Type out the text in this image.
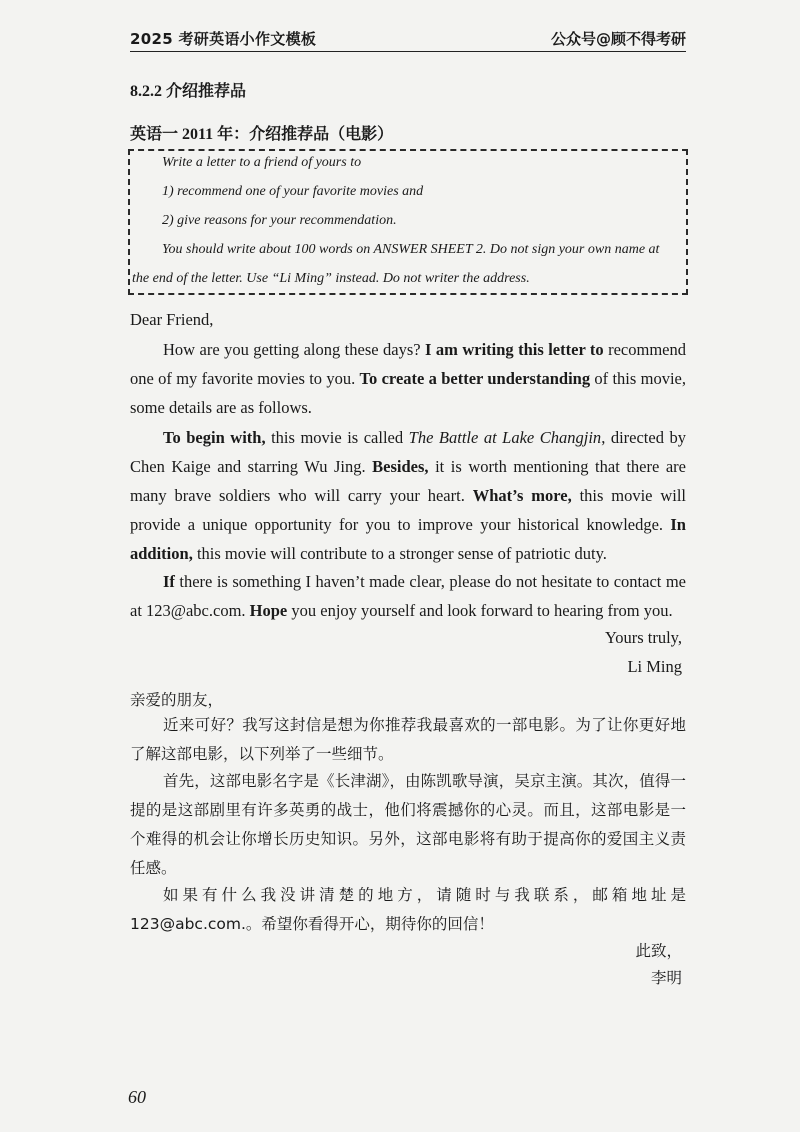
2025 考研英语小作文模板	公众号@顾不得考研
8.2.2 介绍推荐品
英语一 2011 年：介绍推荐品（电影）
Write a letter to a friend of yours to
1) recommend one of your favorite movies and
2) give reasons for your recommendation.
You should write about 100 words on ANSWER SHEET 2. Do not sign your own name at
the end of the letter. Use “Li Ming” instead. Do not writer the address.
Dear Friend,
How are you getting along these days? I am writing this letter to recommend one of my favorite movies to you. To create a better understanding of this movie, some details are as follows.
To begin with, this movie is called The Battle at Lake Changjin, directed by Chen Kaige and starring Wu Jing. Besides, it is worth mentioning that there are many brave soldiers who will carry your heart. What’s more, this movie will provide a unique opportunity for you to improve your historical knowledge. In addition, this movie will contribute to a stronger sense of patriotic duty.
If there is something I haven’t made clear, please do not hesitate to contact me at 123@abc.com. Hope you enjoy yourself and look forward to hearing from you.
Yours truly,
Li Ming
亲爱的朋友，
近来可好？我写这封信是想为你推荐我最喜欢的一部电影。为了让你更好地了解这部电影，以下列举了一些细节。
首先，这部电影名字是《长津湖》，由陈凯歌导演，吴京主演。其次，值得一提的是这部剧里有许多英勇的战士，他们将震撼你的心灵。而且，这部电影是一个难得的机会让你增长历史知识。另外，这部电影将有助于提高你的爱国主义责任感。
如果有什么我没讲清楚的地方，请随时与我联系，邮箱地址是 123@abc.com.。希望你看得开心，期待你的回信！
此致，
李明
60
